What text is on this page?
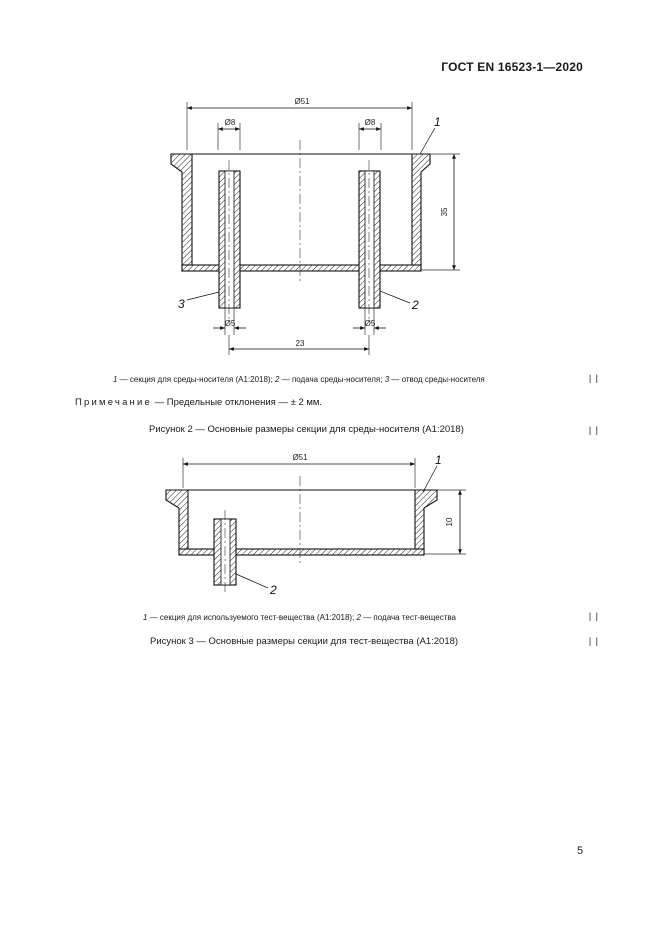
ГОСТ EN 16523-1—2020
Ø51
Ø8	Ø8
35
Ø5	Ø5
23
1
3	2
1 — секция для среды-носителя (A1:2018); 2 — подача среды-носителя; 3 — отвод среды-носителя	| |
Примечание — Предельные отклонения — ± 2 мм.
Рисунок 2 — Основные размеры секции для среды-носителя (A1:2018)	| |
Ø51
10
1
2
1 — секция для используемого тест-вещества (A1:2018); 2 — подача тест-вещества	| |
Рисунок 3 — Основные размеры секции для тест-вещества (A1:2018)	| |
5
